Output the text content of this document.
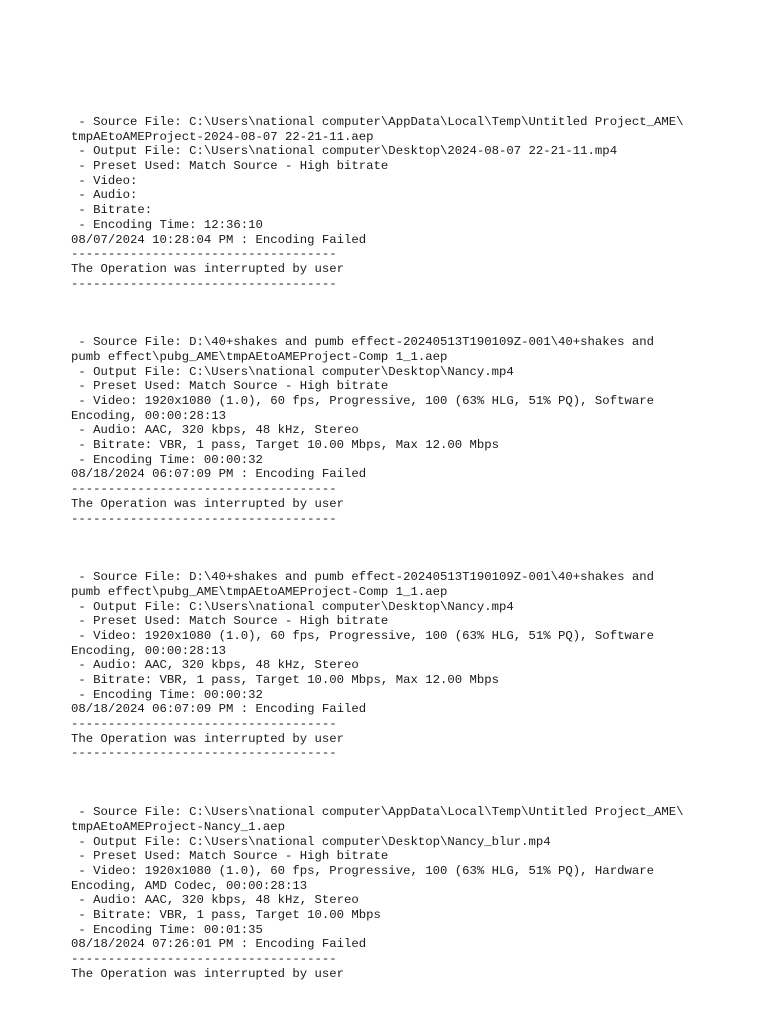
- Source File: C:\Users\national computer\AppData\Local\Temp\Untitled Project_AME\
tmpAEtoAMEProject-2024-08-07 22-21-11.aep
- Output File: C:\Users\national computer\Desktop\2024-08-07 22-21-11.mp4
- Preset Used: Match Source - High bitrate
- Video:
- Audio:
- Bitrate:
- Encoding Time: 12:36:10
08/07/2024 10:28:04 PM : Encoding Failed
------------------------------------
The Operation was interrupted by user
------------------------------------
- Source File: D:\40+shakes and pumb effect-20240513T190109Z-001\40+shakes and
pumb effect\pubg_AME\tmpAEtoAMEProject-Comp 1_1.aep
- Output File: C:\Users\national computer\Desktop\Nancy.mp4
- Preset Used: Match Source - High bitrate
- Video: 1920x1080 (1.0), 60 fps, Progressive, 100 (63% HLG, 51% PQ), Software
Encoding, 00:00:28:13
- Audio: AAC, 320 kbps, 48 kHz, Stereo
- Bitrate: VBR, 1 pass, Target 10.00 Mbps, Max 12.00 Mbps
- Encoding Time: 00:00:32
08/18/2024 06:07:09 PM : Encoding Failed
------------------------------------
The Operation was interrupted by user
------------------------------------
- Source File: D:\40+shakes and pumb effect-20240513T190109Z-001\40+shakes and
pumb effect\pubg_AME\tmpAEtoAMEProject-Comp 1_1.aep
- Output File: C:\Users\national computer\Desktop\Nancy.mp4
- Preset Used: Match Source - High bitrate
- Video: 1920x1080 (1.0), 60 fps, Progressive, 100 (63% HLG, 51% PQ), Software
Encoding, 00:00:28:13
- Audio: AAC, 320 kbps, 48 kHz, Stereo
- Bitrate: VBR, 1 pass, Target 10.00 Mbps, Max 12.00 Mbps
- Encoding Time: 00:00:32
08/18/2024 06:07:09 PM : Encoding Failed
------------------------------------
The Operation was interrupted by user
------------------------------------
- Source File: C:\Users\national computer\AppData\Local\Temp\Untitled Project_AME\
tmpAEtoAMEProject-Nancy_1.aep
- Output File: C:\Users\national computer\Desktop\Nancy_blur.mp4
- Preset Used: Match Source - High bitrate
- Video: 1920x1080 (1.0), 60 fps, Progressive, 100 (63% HLG, 51% PQ), Hardware
Encoding, AMD Codec, 00:00:28:13
- Audio: AAC, 320 kbps, 48 kHz, Stereo
- Bitrate: VBR, 1 pass, Target 10.00 Mbps
- Encoding Time: 00:01:35
08/18/2024 07:26:01 PM : Encoding Failed
------------------------------------
The Operation was interrupted by user
